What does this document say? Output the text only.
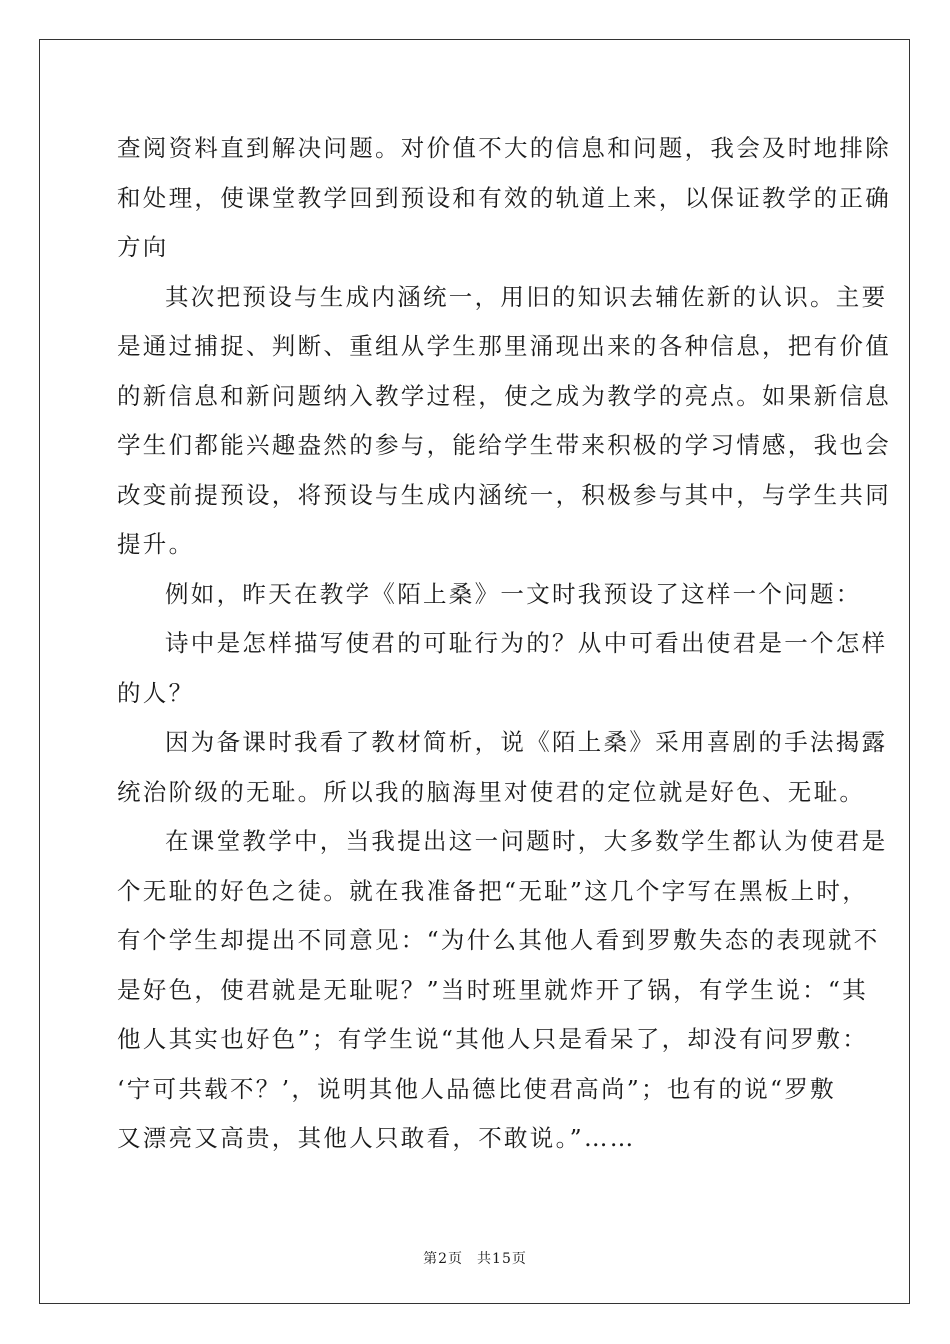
查阅资料直到解决问题。对价值不大的信息和问题，我会及时地排除
和处理，使课堂教学回到预设和有效的轨道上来，以保证教学的正确
方向
其次把预设与生成内涵统一，用旧的知识去辅佐新的认识。主要
是通过捕捉、判断、重组从学生那里涌现出来的各种信息，把有价值
的新信息和新问题纳入教学过程，使之成为教学的亮点。如果新信息
学生们都能兴趣盎然的参与，能给学生带来积极的学习情感，我也会
改变前提预设，将预设与生成内涵统一，积极参与其中，与学生共同
提升。
例如，昨天在教学《陌上桑》一文时我预设了这样一个问题：
诗中是怎样描写使君的可耻行为的？从中可看出使君是一个怎样
的人？
因为备课时我看了教材简析，说《陌上桑》采用喜剧的手法揭露
统治阶级的无耻。所以我的脑海里对使君的定位就是好色、无耻。
在课堂教学中，当我提出这一问题时，大多数学生都认为使君是
个无耻的好色之徒。就在我准备把“无耻”这几个字写在黑板上时，
有个学生却提出不同意见：“为什么其他人看到罗敷失态的表现就不
是好色，使君就是无耻呢？”当时班里就炸开了锅，有学生说：“其
他人其实也好色”；有学生说“其他人只是看呆了，却没有问罗敷：
‘宁可共载不？’，说明其他人品德比使君高尚”；也有的说“罗敷
又漂亮又高贵，其他人只敢看，不敢说。”……
第2页 共15页
